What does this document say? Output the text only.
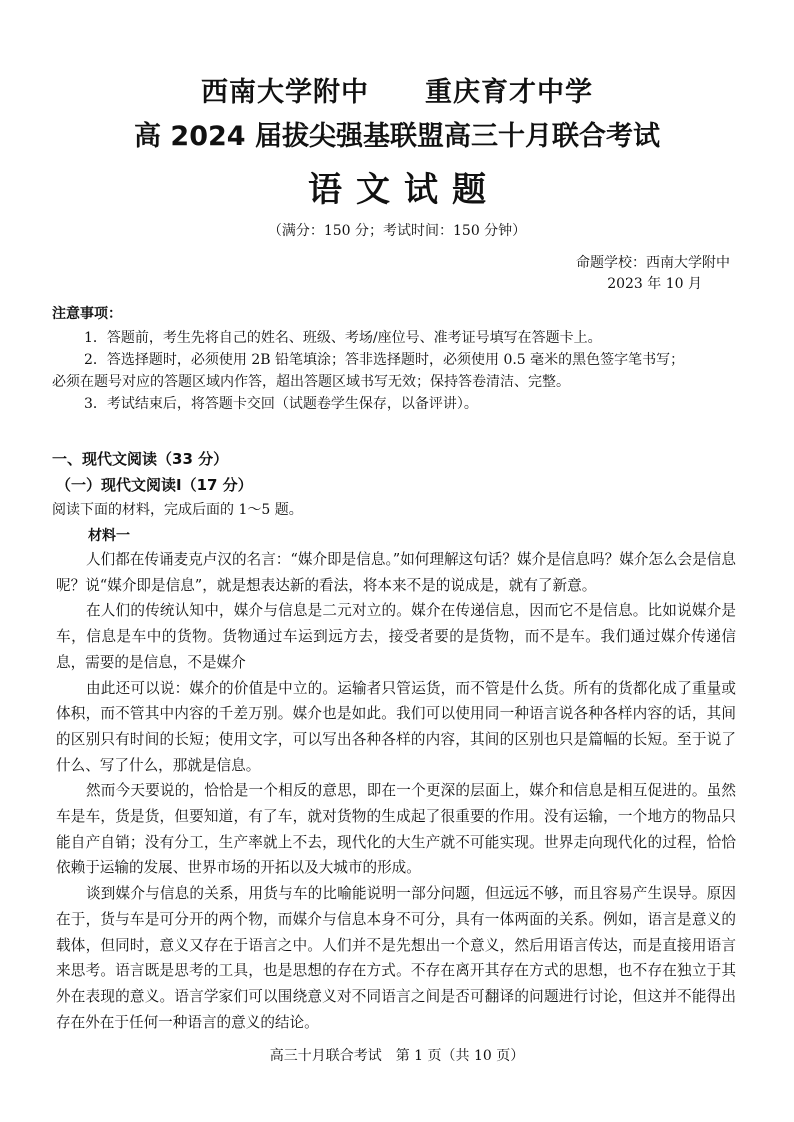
西南大学附中　　重庆育才中学
高 2024 届拔尖强基联盟高三十月联合考试
语文试题
（满分：150 分；考试时间：150 分钟）
命题学校：西南大学附中
2023 年 10 月
注意事项：

1．答题前，考生先将自己的姓名、班级、考场/座位号、准考证号填写在答题卡上。

2．答选择题时，必须使用 2B 铅笔填涂；答非选择题时，必须使用 0.5 毫米的黑色签字笔书写；

必须在题号对应的答题区域内作答，超出答题区域书写无效；保持答卷清洁、完整。

3．考试结束后，将答题卡交回（试题卷学生保存，以备评讲）。

一、现代文阅读（33 分）
（一）现代文阅读Ⅰ（17 分）
阅读下面的材料，完成后面的 1～5 题。
材料一

人们都在传诵麦克卢汉的名言：“媒介即是信息。”如何理解这句话？媒介是信息吗？媒介怎么会是信息呢？说“媒介即是信息”，就是想表达新的看法，将本来不是的说成是，就有了新意。

在人们的传统认知中，媒介与信息是二元对立的。媒介在传递信息，因而它不是信息。比如说媒介是车，信息是车中的货物。货物通过车运到远方去，接受者要的是货物，而不是车。我们通过媒介传递信息，需要的是信息，不是媒介

由此还可以说：媒介的价值是中立的。运输者只管运货，而不管是什么货。所有的货都化成了重量或体积，而不管其中内容的千差万别。媒介也是如此。我们可以使用同一种语言说各种各样内容的话，其间的区别只有时间的长短；使用文字，可以写出各种各样的内容，其间的区别也只是篇幅的长短。至于说了什么、写了什么，那就是信息。

然而今天要说的，恰恰是一个相反的意思，即在一个更深的层面上，媒介和信息是相互促进的。虽然车是车，货是货，但要知道，有了车，就对货物的生成起了很重要的作用。没有运输，一个地方的物品只能自产自销；没有分工，生产率就上不去，现代化的大生产就不可能实现。世界走向现代化的过程，恰恰依赖于运输的发展、世界市场的开拓以及大城市的形成。

谈到媒介与信息的关系，用货与车的比喻能说明一部分问题，但远远不够，而且容易产生误导。原因在于，货与车是可分开的两个物，而媒介与信息本身不可分，具有一体两面的关系。例如，语言是意义的载体，但同时，意义又存在于语言之中。人们并不是先想出一个意义，然后用语言传达，而是直接用语言来思考。语言既是思考的工具，也是思想的存在方式。不存在离开其存在方式的思想，也不存在独立于其外在表现的意义。语言学家们可以围绕意义对不同语言之间是否可翻译的问题进行讨论，但这并不能得出存在外在于任何一种语言的意义的结论。

高三十月联合考试　第 1 页（共 10 页）
